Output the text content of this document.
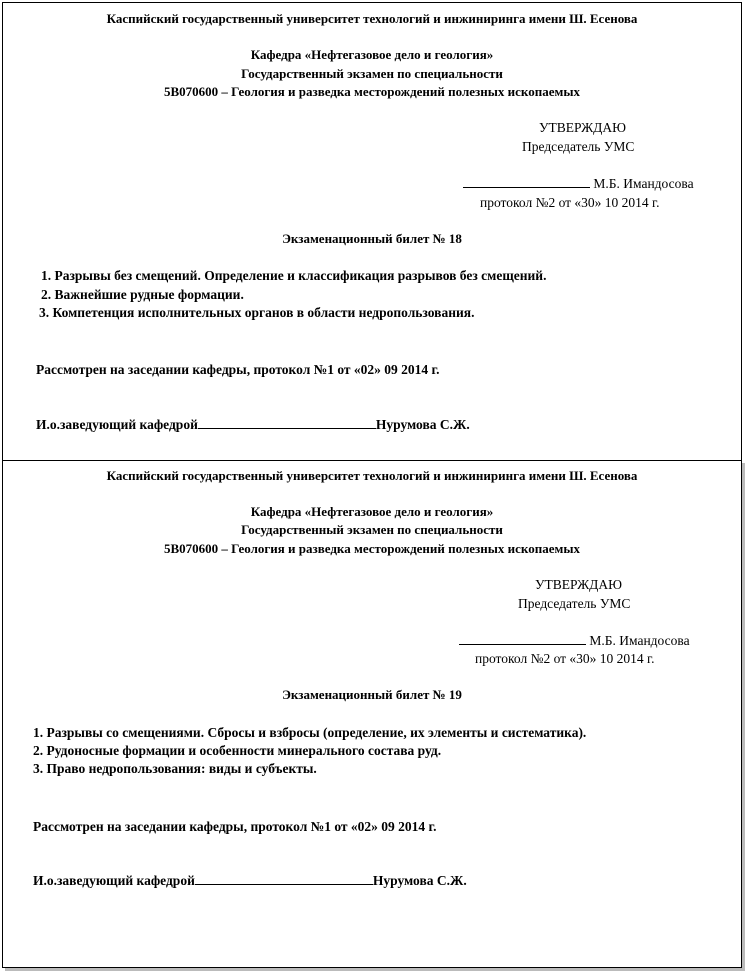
Каспийский государственный университет технологий и инжиниринга имени Ш. Есенова
Кафедра «Нефтегазовое дело и геология»
Государственный экзамен по специальности
5В070600 – Геология и разведка месторождений полезных ископаемых
УТВЕРЖДАЮ
Председатель УМС
М.Б. Имандосова
протокол №2 от «30» 10 2014 г.
Экзаменационный билет № 18
1. Разрывы без смещений. Определение и классификация разрывов без смещений.
2. Важнейшие рудные формации.
3. Компетенция исполнительных органов в области недропользования.
Рассмотрен на заседании кафедры, протокол №1 от «02» 09 2014 г.
И.о.заведующий кафедрой	Нурумова С.Ж.
Каспийский государственный университет технологий и инжиниринга имени Ш. Есенова
Кафедра «Нефтегазовое дело и геология»
Государственный экзамен по специальности
5В070600 – Геология и разведка месторождений полезных ископаемых
УТВЕРЖДАЮ
Председатель УМС
М.Б. Имандосова
протокол №2 от «30» 10 2014 г.
Экзаменационный билет № 19
1. Разрывы со смещениями. Сбросы и взбросы (определение, их элементы и систематика).
2. Рудоносные формации и особенности минерального состава руд.
3. Право недропользования: виды и субъекты.
Рассмотрен на заседании кафедры, протокол №1 от «02» 09 2014 г.
И.о.заведующий кафедрой	Нурумова С.Ж.
